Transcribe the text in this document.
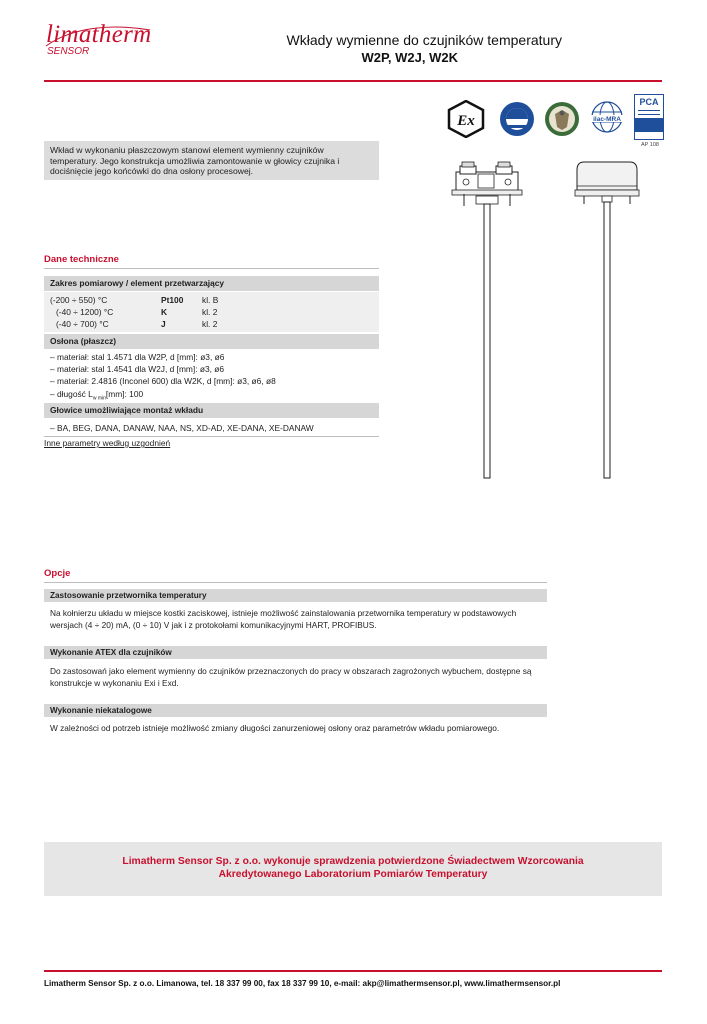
limatherm
SENSOR
Wkłady wymienne do czujników temperatury
W2P, W2J, W2K
Ex	ilac-MRA
PCA
AP 108
Wkład w wykonaniu płaszczowym stanowi element wymienny czujników temperatury. Jego konstrukcja umożliwia zamontowanie w głowicy czujnika i dociśnięcie jego końcówki do dna osłony procesowej.
Dane techniczne
Zakres pomiarowy / element przetwarzający
(-200 ÷ 550) °C	Pt100 kl. B
(-40 ÷ 1200) °C	K	kl. 2
(-40 ÷ 700) °C	J	kl. 2
Osłona (płaszcz)
– materiał: stal 1.4571 dla W2P, d [mm]: ø3, ø6
– materiał: stal 1.4541 dla W2J, d [mm]: ø3, ø6
– materiał: 2.4816 (Inconel 600) dla W2K, d [mm]: ø3, ø6, ø8
– długość $L_{w min}[mm]$: 100
Głowice umożliwiające montaż wkładu
– BA, BEG, DANA, DANAW, NAA, NS, XD-AD, XE-DANA, XE-DANAW
Inne parametry według uzgodnień
Opcje
Zastosowanie przetwornika temperatury
Na kołnierzu układu w miejsce kostki zaciskowej, istnieje możliwość zainstalowania przetwornika temperatury w podstawowych wersjach (4 ÷ 20) mA, (0 ÷ 10) V jak i z protokołami komunikacyjnymi HART, PROFIBUS.
Wykonanie ATEX dla czujników
Do zastosowań jako element wymienny do czujników przeznaczonych do pracy w obszarach zagrożonych wybuchem, dostępne są konstrukcje w wykonaniu Exi i Exd.
Wykonanie niekatalogowe
W zależności od potrzeb istnieje możliwość zmiany długości zanurzeniowej osłony oraz parametrów wkładu pomiarowego.
Limatherm Sensor Sp. z o.o. wykonuje sprawdzenia potwierdzone Świadectwem Wzorcowania
Akredytowanego Laboratorium Pomiarów Temperatury
Limatherm Sensor Sp. z o.o. Limanowa, tel. 18 337 99 00, fax 18 337 99 10, e-mail: akp@limathermsensor.pl, www.limathermsensor.pl
